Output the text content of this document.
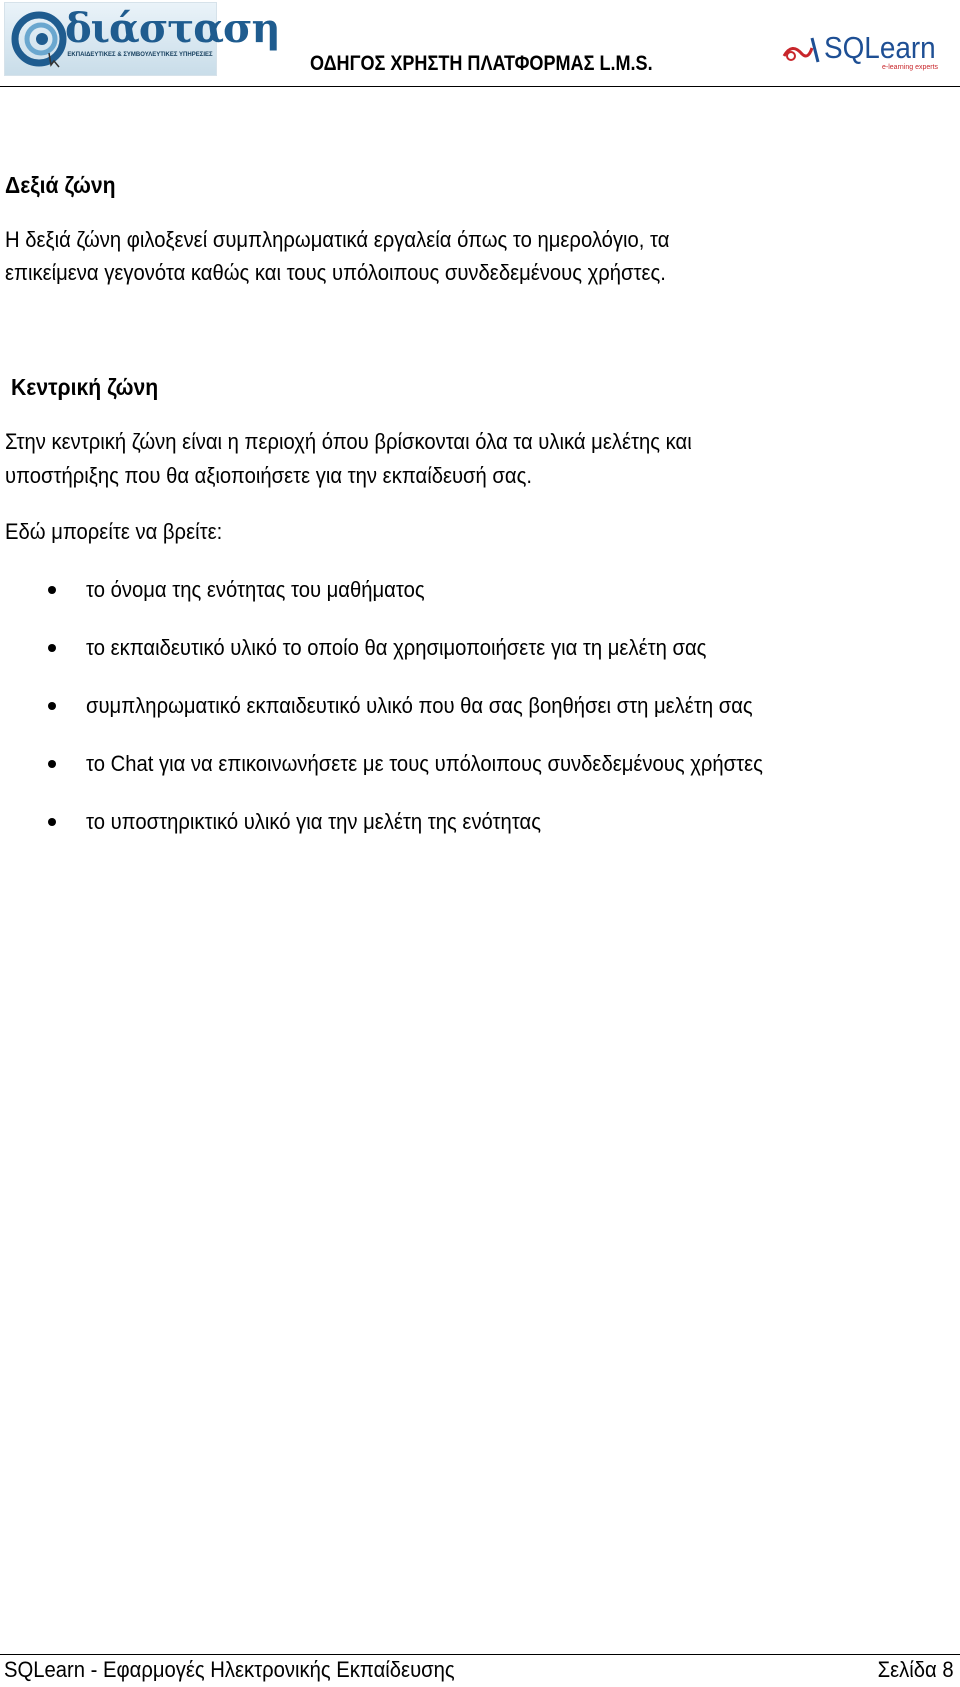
διάσταση
ΕΚΠΑΙΔΕΥΤΙΚΕΣ & ΣΥΜΒΟΥΛΕΥΤΙΚΕΣ ΥΠΗΡΕΣΙΕΣ	ΟΔΗΓΟΣ ΧΡΗΣΤΗ ΠΛΑΤΦΟΡΜΑΣ L.M.S.	SQLearn
e-learning experts
Δεξιά ζώνη
Η δεξιά ζώνη φιλοξενεί συμπληρωματικά εργαλεία όπως το ημερολόγιο, τα
επικείμενα γεγονότα καθώς και τους υπόλοιπους συνδεδεμένους χρήστες.
Κεντρική ζώνη
Στην κεντρική ζώνη είναι η περιοχή όπου βρίσκονται όλα τα υλικά μελέτης και
υποστήριξης που θα αξιοποιήσετε για την εκπαίδευσή σας.
Εδώ μπορείτε να βρείτε:
το όνομα της ενότητας του μαθήματος
το εκπαιδευτικό υλικό το οποίο θα χρησιμοποιήσετε για τη μελέτη σας
συμπληρωματικό εκπαιδευτικό υλικό που θα σας βοηθήσει στη μελέτη σας
το Chat για να επικοινωνήσετε με τους υπόλοιπους συνδεδεμένους χρήστες
το υποστηρικτικό υλικό για την μελέτη της ενότητας
SQLearn - Εφαρμογές Ηλεκτρονικής Εκπαίδευσης	Σελίδα 8
